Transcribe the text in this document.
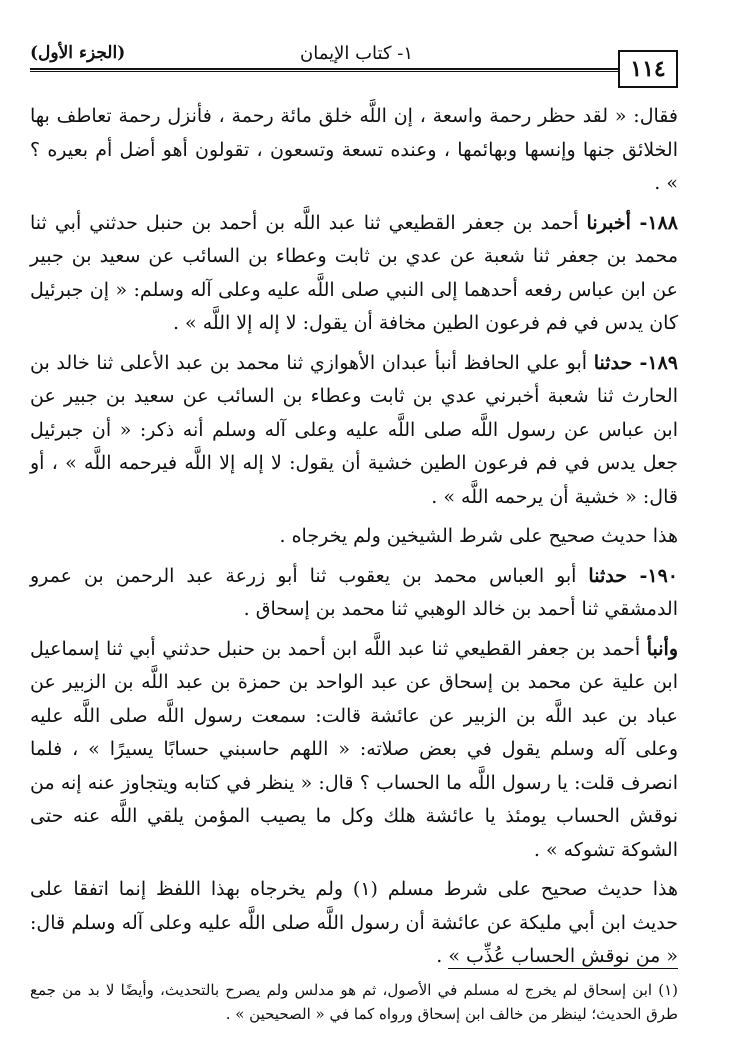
(الجزء الأول)	١- كتاب الإيمان
١١٤

فقال: « لقد حظر رحمة واسعة ، إن اللَّه خلق مائة رحمة ، فأنزل رحمة تعاطف بها الخلائق جنها وإنسها وبهائمها ، وعنده تسعة وتسعون ، تقولون أهو أضل أم بعيره ؟ » .

١٨٨- أخبرنا أحمد بن جعفر القطيعي ثنا عبد اللَّه بن أحمد بن حنبل حدثني أبي ثنا محمد بن جعفر ثنا شعبة عن عدي بن ثابت وعطاء بن السائب عن سعيد بن جبير عن ابن عباس رفعه أحدهما إلى النبي صلى اللَّه عليه وعلى آله وسلم: « إن جبرئيل كان يدس في فم فرعون الطين مخافة أن يقول: لا إله إلا اللَّه » .

١٨٩- حدثنا أبو علي الحافظ أنبأ عبدان الأهوازي ثنا محمد بن عبد الأعلى ثنا خالد بن الحارث ثنا شعبة أخبرني عدي بن ثابت وعطاء بن السائب عن سعيد بن جبير عن ابن عباس عن رسول اللَّه صلى اللَّه عليه وعلى آله وسلم أنه ذكر: « أن جبرئيل جعل يدس في فم فرعون الطين خشية أن يقول: لا إله إلا اللَّه فيرحمه اللَّه » ، أو قال: « خشية أن يرحمه اللَّه » .

هذا حديث صحيح على شرط الشيخين ولم يخرجاه .

١٩٠- حدثنا أبو العباس محمد بن يعقوب ثنا أبو زرعة عبد الرحمن بن عمرو الدمشقي ثنا أحمد بن خالد الوهبي ثنا محمد بن إسحاق .

وأنبأ أحمد بن جعفر القطيعي ثنا عبد اللَّه ابن أحمد بن حنبل حدثني أبي ثنا إسماعيل ابن علية عن محمد بن إسحاق عن عبد الواحد بن حمزة بن عبد اللَّه بن الزبير عن عباد بن عبد اللَّه بن الزبير عن عائشة قالت: سمعت رسول اللَّه صلى اللَّه عليه وعلى آله وسلم يقول في بعض صلاته: « اللهم حاسبني حسابًا يسيرًا » ، فلما انصرف قلت: يا رسول اللَّه ما الحساب ؟ قال: « ينظر في كتابه ويتجاوز عنه إنه من نوقش الحساب يومئذ يا عائشة هلك وكل ما يصيب المؤمن يلقي اللَّه عنه حتى الشوكة تشوكه » .

هذا حديث صحيح على شرط مسلم (١) ولم يخرجاه بهذا اللفظ إنما اتفقا على حديث ابن أبي مليكة عن عائشة أن رسول اللَّه صلى اللَّه عليه وعلى آله وسلم قال: « من نوقش الحساب عُذِّب » .

(١) ابن إسحاق لم يخرج له مسلم في الأصول، ثم هو مدلس ولم يصرح بالتحديث، وأيضًا لا بد من جمع طرق الحديث؛ لينظر من خالف ابن إسحاق ورواه كما في « الصحيحين » .
